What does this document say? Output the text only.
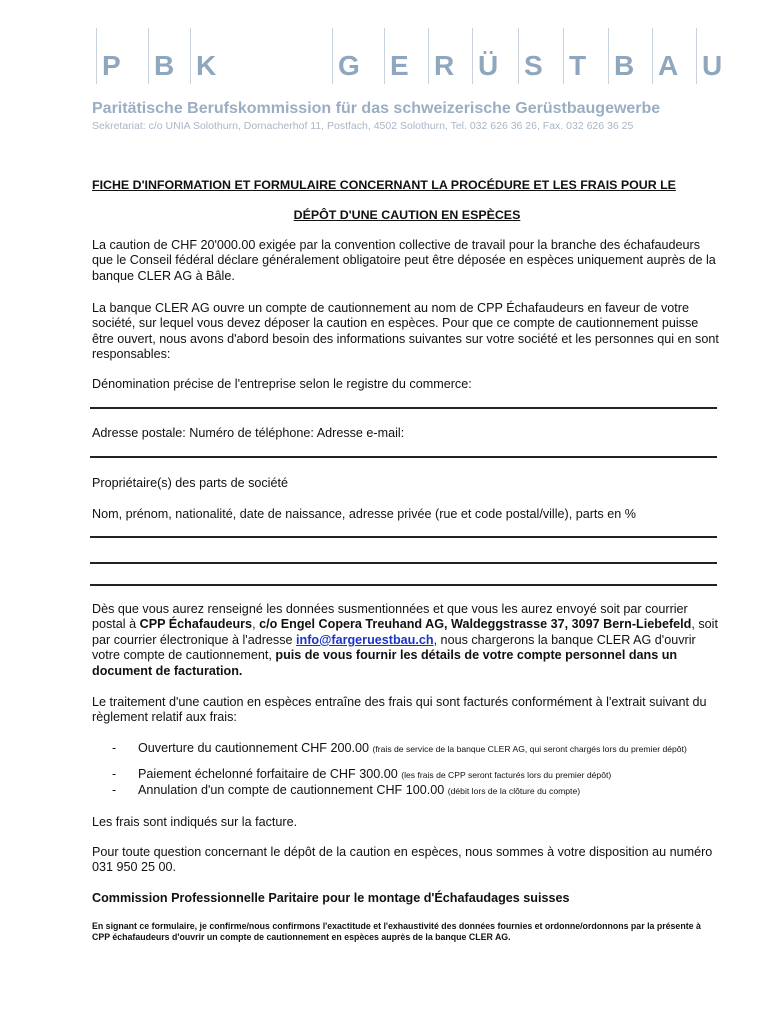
P B K	G E R Ü S T B A U
Paritätische Berufskommission für das schweizerische Gerüstbaugewerbe
Sekretariat: c/o UNIA Solothurn, Dornacherhof 11, Postfach, 4502 Solothurn, Tel. 032 626 36 26, Fax. 032 626 36 25
FICHE D'INFORMATION ET FORMULAIRE CONCERNANT LA PROCÉDURE ET LES FRAIS POUR LE
DÉPÔT D'UNE CAUTION EN ESPÈCES
La caution de CHF 20'000.00 exigée par la convention collective de travail pour la branche des échafaudeurs que le Conseil fédéral déclare généralement obligatoire peut être déposée en espèces uniquement auprès de la banque CLER AG à Bâle.
La banque CLER AG ouvre un compte de cautionnement au nom de CPP Échafaudeurs en faveur de votre société, sur lequel vous devez déposer la caution en espèces. Pour que ce compte de cautionnement puisse être ouvert, nous avons d'abord besoin des informations suivantes sur votre société et les personnes qui en sont responsables:
Dénomination précise de l'entreprise selon le registre du commerce:
Adresse postale: Numéro de téléphone: Adresse e-mail:
Propriétaire(s) des parts de société
Nom, prénom, nationalité, date de naissance, adresse privée (rue et code postal/ville), parts en %
Dès que vous aurez renseigné les données susmentionnées et que vous les aurez envoyé soit par courrier postal à CPP Échafaudeurs, c/o Engel Copera Treuhand AG, Waldeggstrasse 37, 3097 Bern-Liebefeld, soit par courrier électronique à l'adresse info@fargeruestbau.ch, nous chargerons la banque CLER AG d'ouvrir votre compte de cautionnement, puis de vous fournir les détails de votre compte personnel dans un document de facturation.
Le traitement d'une caution en espèces entraîne des frais qui sont facturés conformément à l'extrait suivant du règlement relatif aux frais:
- Ouverture du cautionnement CHF 200.00 (frais de service de la banque CLER AG, qui seront chargés lors du premier dépôt)
- Paiement échelonné forfaitaire de CHF 300.00 (les frais de CPP seront facturés lors du premier dépôt)
- Annulation d'un compte de cautionnement CHF 100.00 (débit lors de la clôture du compte)
Les frais sont indiqués sur la facture.
Pour toute question concernant le dépôt de la caution en espèces, nous sommes à votre disposition au numéro 031 950 25 00.
Commission Professionnelle Paritaire pour le montage d'Échafaudages suisses
En signant ce formulaire, je confirme/nous confirmons l'exactitude et l'exhaustivité des données fournies et ordonne/ordonnons par la présente à CPP échafaudeurs d'ouvrir un compte de cautionnement en espèces auprès de la banque CLER AG.
